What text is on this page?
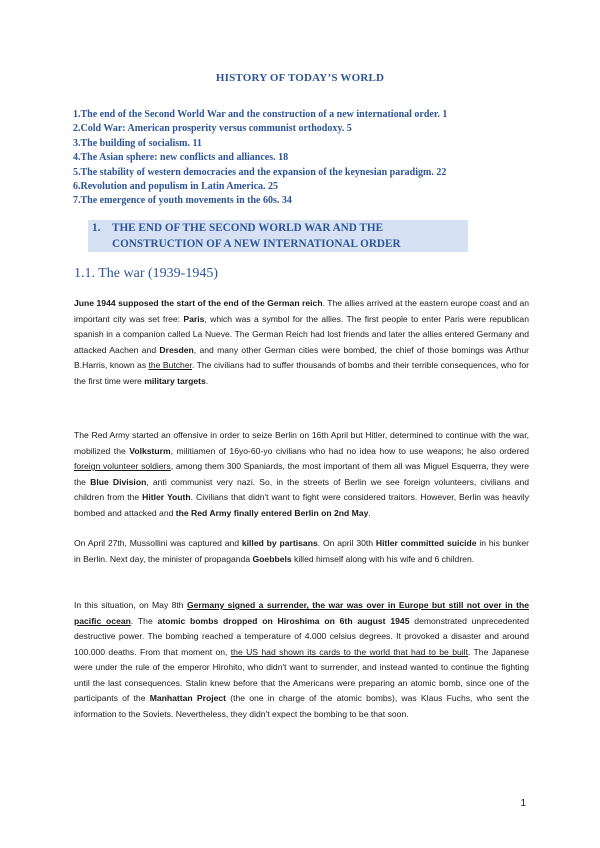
HISTORY OF TODAY’S WORLD
1.The end of the Second World War and the construction of a new international order. 1
2.Cold War: American prosperity versus communist orthodoxy. 5
3.The building of socialism. 11
4.The Asian sphere: new conflicts and alliances. 18
5.The stability of western democracies and the expansion of the keynesian paradigm. 22
6.Revolution and populism in Latin America. 25
7.The emergence of youth movements in the 60s. 34
1.	THE END OF THE SECOND WORLD WAR AND THE CONSTRUCTION OF A NEW INTERNATIONAL ORDER
1.1. The war (1939-1945)

June 1944 supposed the start of the end of the German reich. The allies arrived at the eastern europe coast and an important city was set free: Paris, which was a symbol for the allies. The first people to enter Paris were republican spanish in a companion called La Nueve. The German Reich had lost friends and later the allies entered Germany and attacked Aachen and Dresden, and many other German cities were bombed, the chief of those bomings was Arthur B.Harris, known as the Butcher. The civilians had to suffer thousands of bombs and their terrible consequences, who for the first time were military targets.

The Red Army started an offensive in order to seize Berlin on 16th April but Hitler, determined to continue with the war, mobilized the Volksturm, militiamen of 16yo-60-yo civilians who had no idea how to use weapons; he also ordered foreign volunteer soldiers, among them 300 Spaniards, the most important of them all was Miguel Esquerra, they were the Blue Division, anti communist very nazi. So, in the streets of Berlin we see foreign volunteers, civilians and children from the Hitler Youth. Civilians that didn't want to fight were considered traitors. However, Berlin was heavily bombed and attacked and the Red Army finally entered Berlin on 2nd May.

On April 27th, Mussollini was captured and killed by partisans. On april 30th Hitler committed suicide in his bunker in Berlin. Next day, the minister of propaganda Goebbels killed himself along with his wife and 6 children.

In this situation, on May 8th Germany signed a surrender, the war was over in Europe but still not over in the pacific ocean. The atomic bombs dropped on Hiroshima on 6th august 1945 demonstrated unprecedented destructive power. The bombing reached a temperature of 4.000 celsius degrees. It provoked a disaster and around 100.000 deaths. From that moment on, the US had shown its cards to the world that had to be built. The Japanese were under the rule of the emperor Hirohito, who didn't want to surrender, and instead wanted to continue the fighting until the last consequences. Stalin knew before that the Americans were preparing an atomic bomb, since one of the participants of the Manhattan Project (the one in charge of the atomic bombs), was Klaus Fuchs, who sent the information to the Soviets. Nevertheless, they didn't expect the bombing to be that soon.

1
